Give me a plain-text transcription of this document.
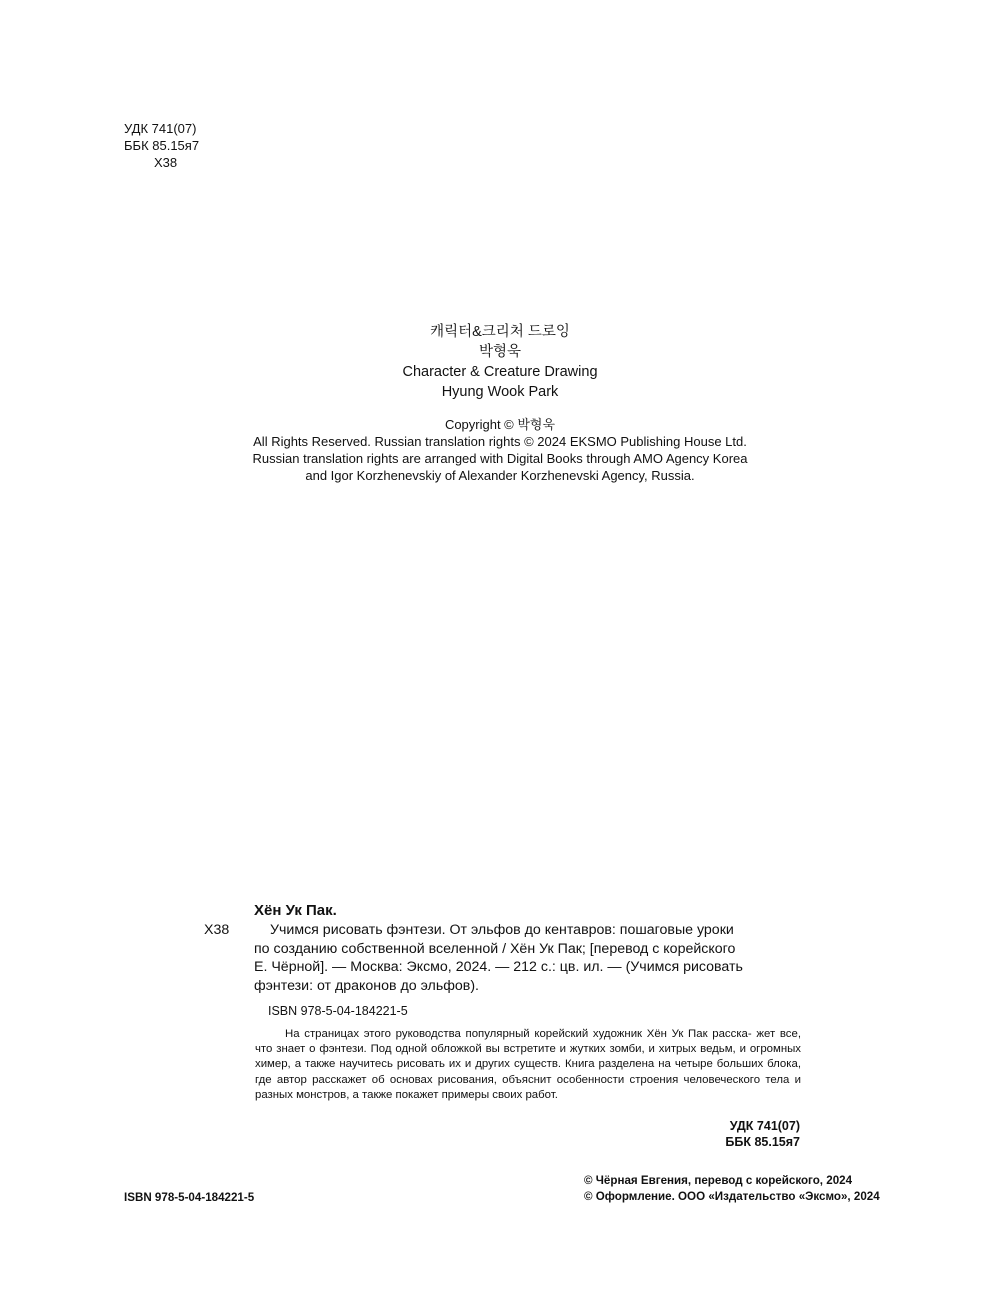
УДК 741(07)
ББК 85.15я7
Х38
캐릭터&크리처 드로잉
박형욱
Character & Creature Drawing
Hyung Wook Park
Copyright © 박형욱
All Rights Reserved. Russian translation rights © 2024 EKSMO Publishing House Ltd.
Russian translation rights are arranged with Digital Books through AMO Agency Korea
and Igor Korzhenevskiy of Alexander Korzhenevski Agency, Russia.
Хён Ук Пак.
Х38	Учимся рисовать фэнтези. От эльфов до кентавров: пошаговые уроки
по созданию собственной вселенной / Хён Ук Пак; [перевод с корейского
Е. Чёрной]. — Москва: Эксмо, 2024. — 212 с.: цв. ил. — (Учимся рисовать
фэнтези: от драконов до эльфов).
ISBN 978-5-04-184221-5
На страницах этого руководства популярный корейский художник Хён Ук Пак расска- жет все, что знает о фэнтези. Под одной обложкой вы встретите и жутких зомби, и хитрых ведьм, и огромных химер, а также научитесь рисовать их и других существ. Книга разделена на четыре больших блока, где автор расскажет об основах рисования, объяснит особенности строения человеческого тела и разных монстров, а также покажет примеры своих работ.
УДК 741(07)
ББК 85.15я7
ISBN 978-5-04-184221-5
© Чёрная Евгения, перевод с корейского, 2024
© Оформление. ООО «Издательство «Эксмо», 2024
